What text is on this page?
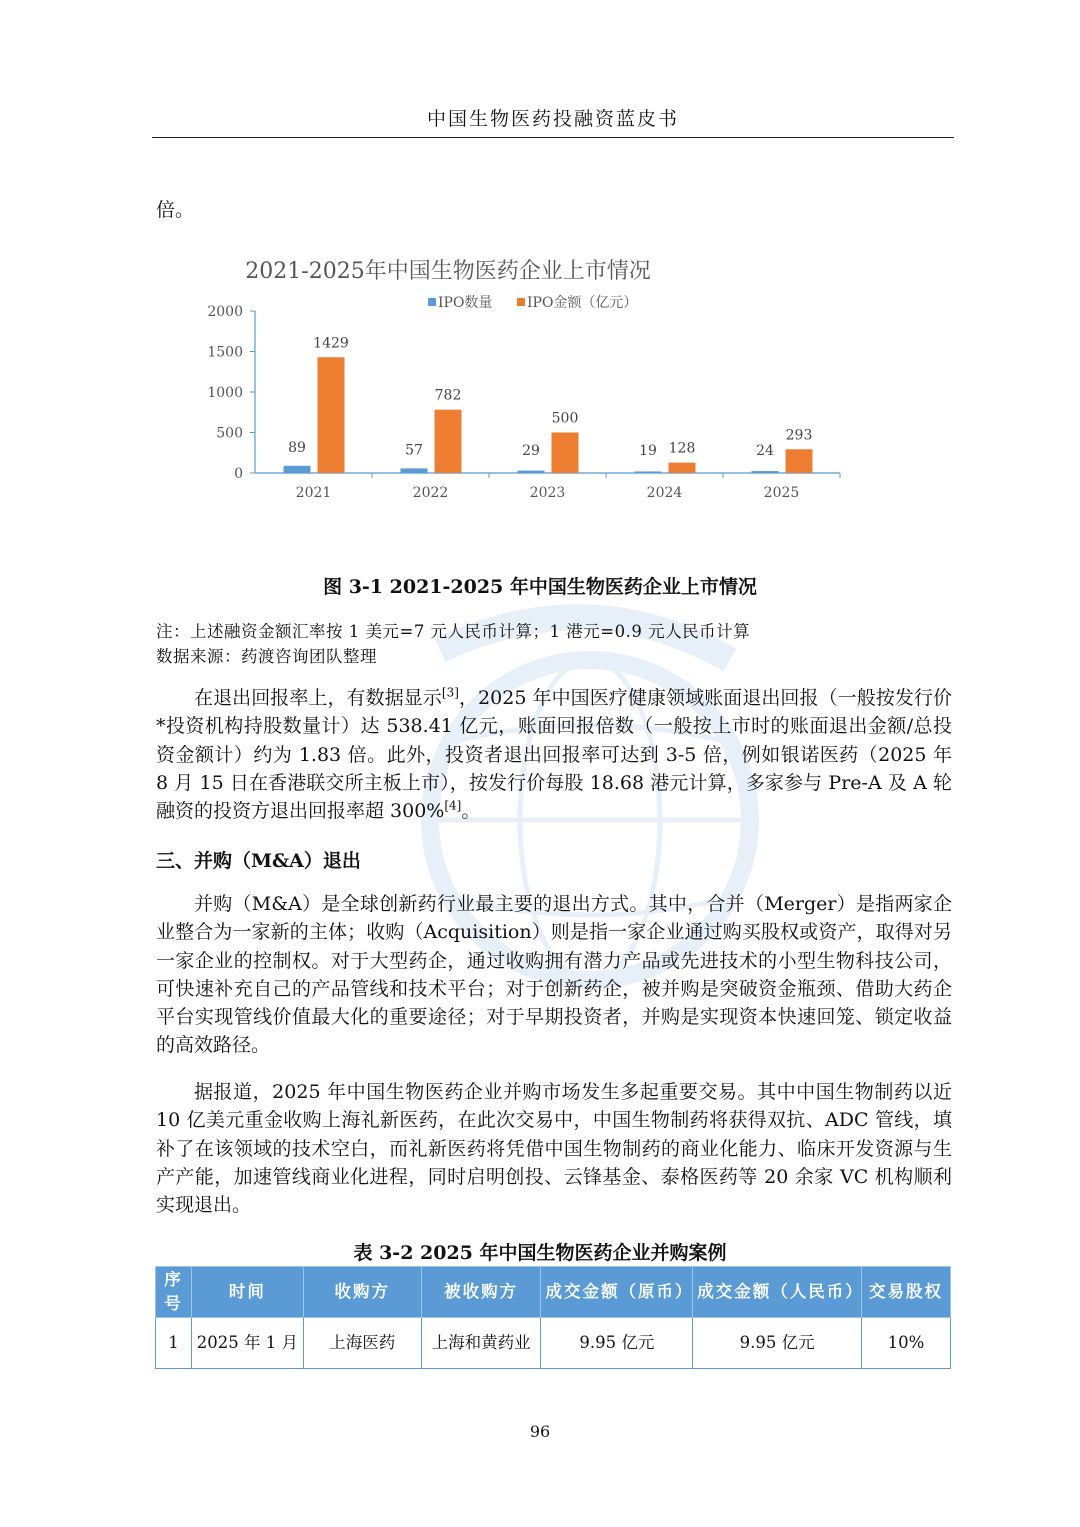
中国生物医药投融资蓝皮书

倍。

2021-2025年中国生物医药企业上市情况
IPO数量 IPO金额（亿元）
0
500
1000
1500
2000
2021
89
1429
2022
57
782
2023
29
500
2024
19 128
2025
24
293
图 3-1 2021-2025 年中国生物医药企业上市情况
注：上述融资金额汇率按 1 美元=7 元人民币计算；1 港元=0.9 元人民币计算
数据来源：药渡咨询团队整理

在退出回报率上，有数据显示[3]，2025 年中国医疗健康领域账面退出回报（一般按发行价*投资机构持股数量计）达 538.41 亿元，账面回报倍数（一般按上市时的账面退出金额/总投资金额计）约为 1.83 倍。此外，投资者退出回报率可达到 3-5 倍，例如银诺医药（2025 年 8 月 15 日在香港联交所主板上市），按发行价每股 18.68 港元计算，多家参与 Pre-A 及 A 轮融资的投资方退出回报率超 300%[4]。

三、并购（M&A）退出

并购（M&A）是全球创新药行业最主要的退出方式。其中，合并（Merger）是指两家企业整合为一家新的主体；收购（Acquisition）则是指一家企业通过购买股权或资产，取得对另一家企业的控制权。对于大型药企，通过收购拥有潜力产品或先进技术的小型生物科技公司，可快速补充自己的产品管线和技术平台；对于创新药企，被并购是突破资金瓶颈、借助大药企平台实现管线价值最大化的重要途径；对于早期投资者，并购是实现资本快速回笼、锁定收益的高效路径。

据报道，2025 年中国生物医药企业并购市场发生多起重要交易。其中中国生物制药以近 10 亿美元重金收购上海礼新医药，在此次交易中，中国生物制药将获得双抗、ADC 管线，填补了在该领域的技术空白，而礼新医药将凭借中国生物制药的商业化能力、临床开发资源与生产产能，加速管线商业化进程，同时启明创投、云锋基金、泰格医药等 20 余家 VC 机构顺利实现退出。

表 3-2 2025 年中国生物医药企业并购案例
序号	时间	收购方	被收购方	成交金额（原币）	成交金额（人民币）	交易股权
1	2025 年 1 月	上海医药	上海和黄药业	9.95 亿元	9.95 亿元	10%
96
